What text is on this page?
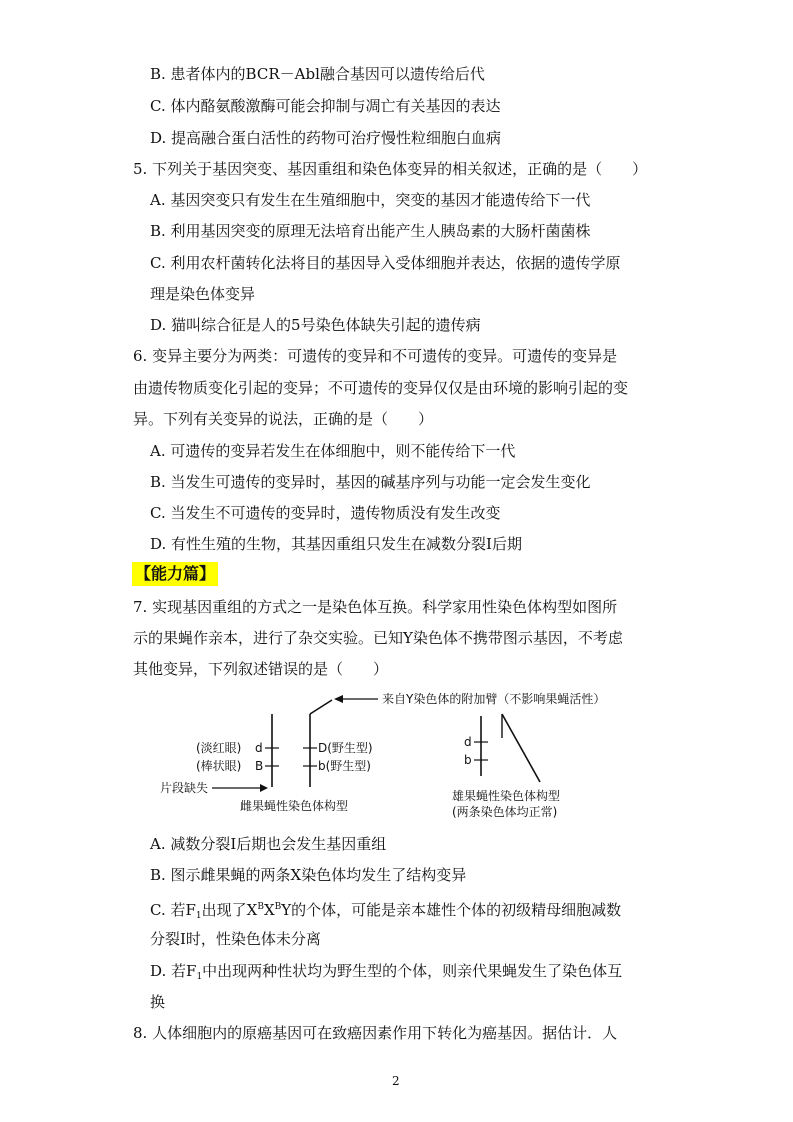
B. 患者体内的BCR－Abl融合基因可以遗传给后代
C. 体内酪氨酸激酶可能会抑制与凋亡有关基因的表达
D. 提高融合蛋白活性的药物可治疗慢性粒细胞白血病
5. 下列关于基因突变、基因重组和染色体变异的相关叙述，正确的是（　　）
A. 基因突变只有发生在生殖细胞中，突变的基因才能遗传给下一代
B. 利用基因突变的原理无法培育出能产生人胰岛素的大肠杆菌菌株
C. 利用农杆菌转化法将目的基因导入受体细胞并表达，依据的遗传学原
理是染色体变异
D. 猫叫综合征是人的5号染色体缺失引起的遗传病
6. 变异主要分为两类：可遗传的变异和不可遗传的变异。可遗传的变异是
由遗传物质变化引起的变异；不可遗传的变异仅仅是由环境的影响引起的变
异。下列有关变异的说法，正确的是（　　）
A. 可遗传的变异若发生在体细胞中，则不能传给下一代
B. 当发生可遗传的变异时，基因的碱基序列与功能一定会发生变化
C. 当发生不可遗传的变异时，遗传物质没有发生改变
D. 有性生殖的生物，其基因重组只发生在减数分裂Ⅰ后期
【能力篇】
7. 实现基因重组的方式之一是染色体互换。科学家用性染色体构型如图所
示的果蝇作亲本，进行了杂交实验。已知Y染色体不携带图示基因，不考虑
其他变异，下列叙述错误的是（　　）
(淡红眼) d
(棒状眼) B
D(野生型)
b(野生型)
片段缺失
雌果蝇性染色体构型
来自Y染色体的附加臂（不影响果蝇活性）
d
b
雄果蝇性染色体构型
(两条染色体均正常)
A. 减数分裂Ⅰ后期也会发生基因重组
B. 图示雌果蝇的两条X染色体均发生了结构变异
C. 若$F_1$出现了$X^BX^BY$的个体，可能是亲本雄性个体的初级精母细胞减数
分裂Ⅰ时，性染色体未分离
D. 若$F_1$中出现两种性状均为野生型的个体，则亲代果蝇发生了染色体互
换
8. 人体细胞内的原癌基因可在致癌因素作用下转化为癌基因。据估计．人
2
